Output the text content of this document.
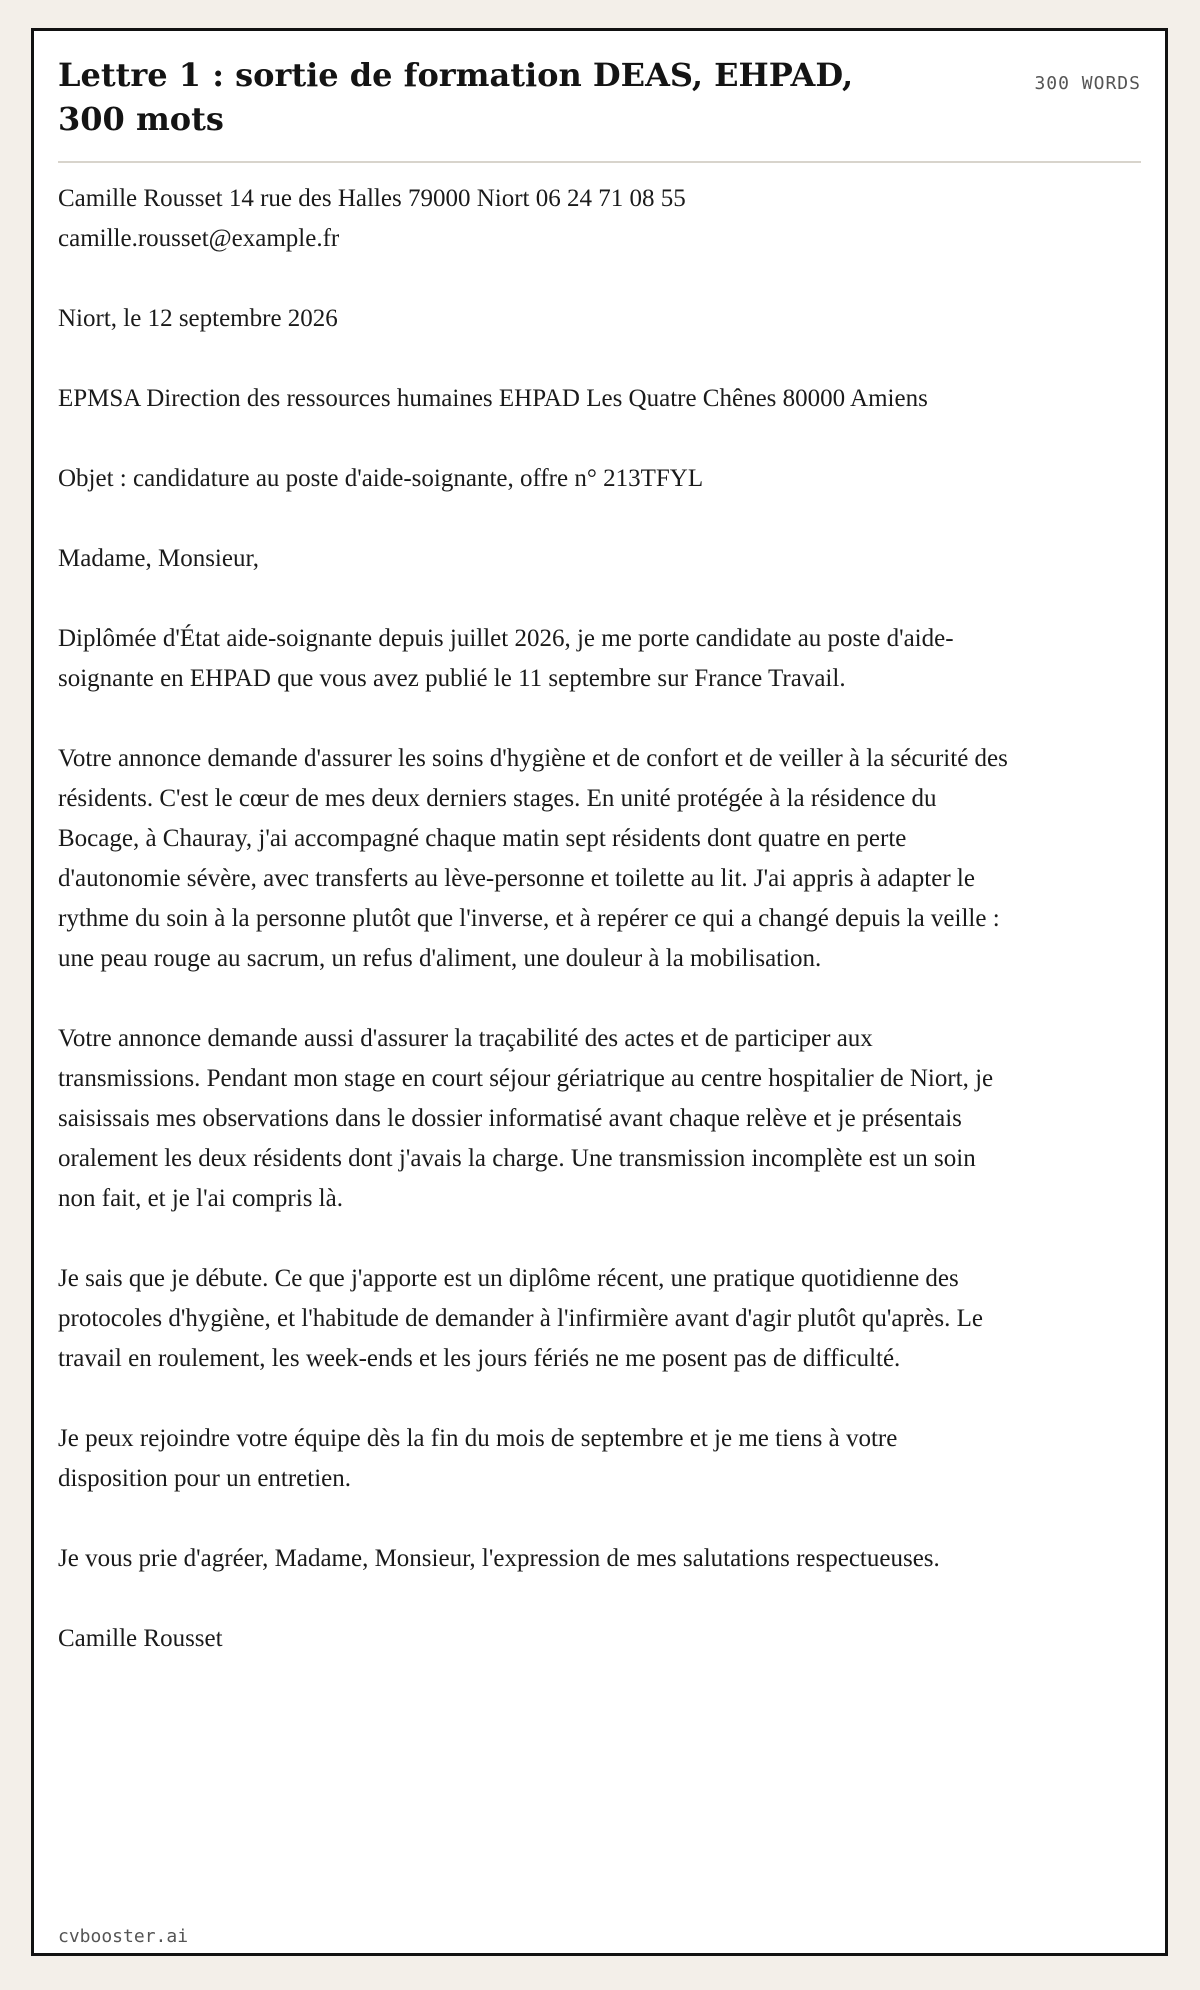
Lettre 1 : sortie de formation DEAS, EHPAD, 300 mots
300 WORDS

Camille Rousset 14 rue des Halles 79000 Niort 06 24 71 08 55 camille.rousset@example.fr

Niort, le 12 septembre 2026

EPMSA Direction des ressources humaines EHPAD Les Quatre Chênes 80000 Amiens

Objet : candidature au poste d'aide-soignante, offre n° 213TFYL

Madame, Monsieur,

Diplômée d'État aide-soignante depuis juillet 2026, je me porte candidate au poste d'aide-soignante en EHPAD que vous avez publié le 11 septembre sur France Travail.

Votre annonce demande d'assurer les soins d'hygiène et de confort et de veiller à la sécurité des résidents. C'est le cœur de mes deux derniers stages. En unité protégée à la résidence du Bocage, à Chauray, j'ai accompagné chaque matin sept résidents dont quatre en perte d'autonomie sévère, avec transferts au lève-personne et toilette au lit. J'ai appris à adapter le rythme du soin à la personne plutôt que l'inverse, et à repérer ce qui a changé depuis la veille : une peau rouge au sacrum, un refus d'aliment, une douleur à la mobilisation.

Votre annonce demande aussi d'assurer la traçabilité des actes et de participer aux transmissions. Pendant mon stage en court séjour gériatrique au centre hospitalier de Niort, je saisissais mes observations dans le dossier informatisé avant chaque relève et je présentais oralement les deux résidents dont j'avais la charge. Une transmission incomplète est un soin non fait, et je l'ai compris là.

Je sais que je débute. Ce que j'apporte est un diplôme récent, une pratique quotidienne des protocoles d'hygiène, et l'habitude de demander à l'infirmière avant d'agir plutôt qu'après. Le travail en roulement, les week-ends et les jours fériés ne me posent pas de difficulté.

Je peux rejoindre votre équipe dès la fin du mois de septembre et je me tiens à votre disposition pour un entretien.

Je vous prie d'agréer, Madame, Monsieur, l'expression de mes salutations respectueuses.

Camille Rousset

cvbooster.ai
